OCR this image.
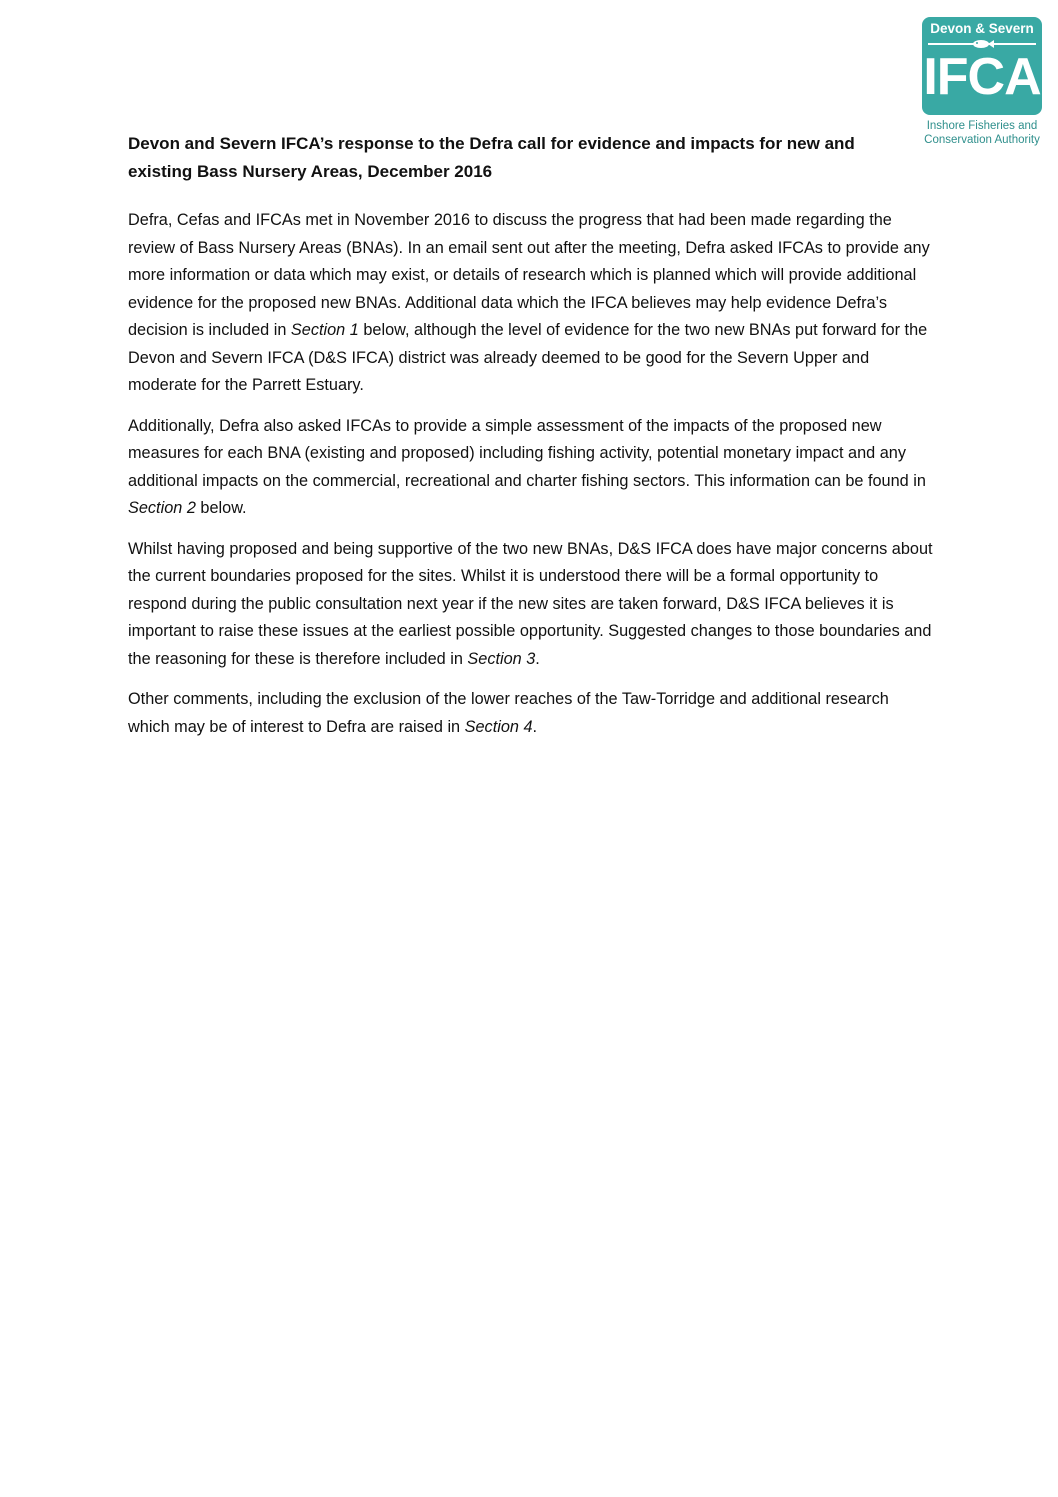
Devon & Severn
IFCA
Inshore Fisheries and
Conservation Authority
Devon and Severn IFCA’s response to the Defra call for evidence and impacts for new and existing Bass Nursery Areas, December 2016

Defra, Cefas and IFCAs met in November 2016 to discuss the progress that had been made regarding the review of Bass Nursery Areas (BNAs). In an email sent out after the meeting, Defra asked IFCAs to provide any more information or data which may exist, or details of research which is planned which will provide additional evidence for the proposed new BNAs. Additional data which the IFCA believes may help evidence Defra’s decision is included in Section 1 below, although the level of evidence for the two new BNAs put forward for the Devon and Severn IFCA (D&S IFCA) district was already deemed to be good for the Severn Upper and moderate for the Parrett Estuary.

Additionally, Defra also asked IFCAs to provide a simple assessment of the impacts of the proposed new measures for each BNA (existing and proposed) including fishing activity, potential monetary impact and any additional impacts on the commercial, recreational and charter fishing sectors. This information can be found in Section 2 below.

Whilst having proposed and being supportive of the two new BNAs, D&S IFCA does have major concerns about the current boundaries proposed for the sites. Whilst it is understood there will be a formal opportunity to respond during the public consultation next year if the new sites are taken forward, D&S IFCA believes it is important to raise these issues at the earliest possible opportunity. Suggested changes to those boundaries and the reasoning for these is therefore included in Section 3.

Other comments, including the exclusion of the lower reaches of the Taw-Torridge and additional research which may be of interest to Defra are raised in Section 4.
